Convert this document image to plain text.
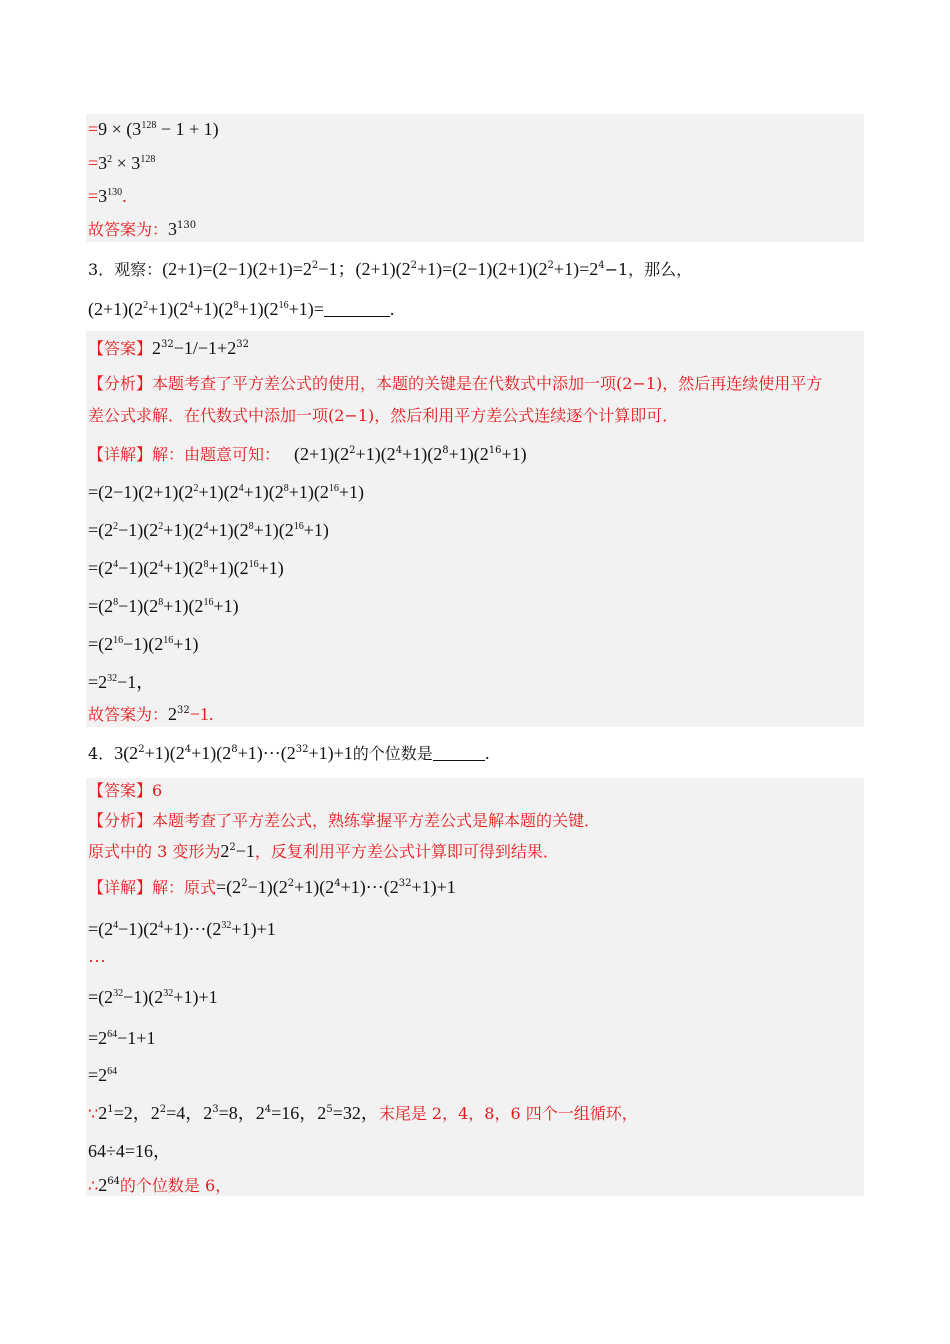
$=9 \times (3^{128} - 1 + 1)$
$=3^2 \times 3^{128}$
$=3^{130}$.
故答案为：$3^{130}$
3．观察：$(2+1)=(2-1)(2+1)=2^2-1$；$(2+1)(2^2+1)=(2-1)(2+1)(2^2+1)=2^4-1$，那么，
$(2+1)(2^2+1)(2^4+1)(2^8+1)(2^{16}+1)=$	.
【答案】$2^{32}-1/-1+2^{32}$
【分析】本题考查了平方差公式的使用，本题的关键是在代数式中添加一项(2−1)，然后再连续使用平方
差公式求解．在代数式中添加一项(2−1)，然后利用平方差公式连续逐个计算即可．
【详解】解：由题意可知： $(2+1)(2^2+1)(2^4+1)(2^8+1)(2^{16}+1)$
$=(2-1)(2+1)(2^2+1)(2^4+1)(2^8+1)(2^{16}+1)$
$=(2^2-1)(2^2+1)(2^4+1)(2^8+1)(2^{16}+1)$
$=(2^4-1)(2^4+1)(2^8+1)(2^{16}+1)$
$=(2^8-1)(2^8+1)(2^{16}+1)$
$=(2^{16}-1)(2^{16}+1)$
$=2^{32}-1$，
故答案为：$2^{32}-1$.
4．$3(2^2+1)(2^4+1)(2^8+1)\cdot\cdot\cdot(2^{32}+1)+1$的个位数是	.
【答案】6
【分析】本题考查了平方差公式，熟练掌握平方差公式是解本题的关键．
原式中的 3 变形为$2^2-1$，反复利用平方差公式计算即可得到结果．
【详解】解：原式$=(2^2-1)(2^2+1)(2^4+1)\cdot\cdot\cdot(2^{32}+1)+1$
$=(2^4-1)(2^4+1)\cdot\cdot\cdot(2^{32}+1)+1$
···
$=(2^{32}-1)(2^{32}+1)+1$
$=2^{64}-1+1$
$=2^{64}$
$\because 2^1=2$，$2^2=4$，$2^3=8$，$2^4=16$，$2^5=32$，末尾是 2，4，8，6 四个一组循环，
64÷4=16，
$\therefore 2^{64}$的个位数是 6，
